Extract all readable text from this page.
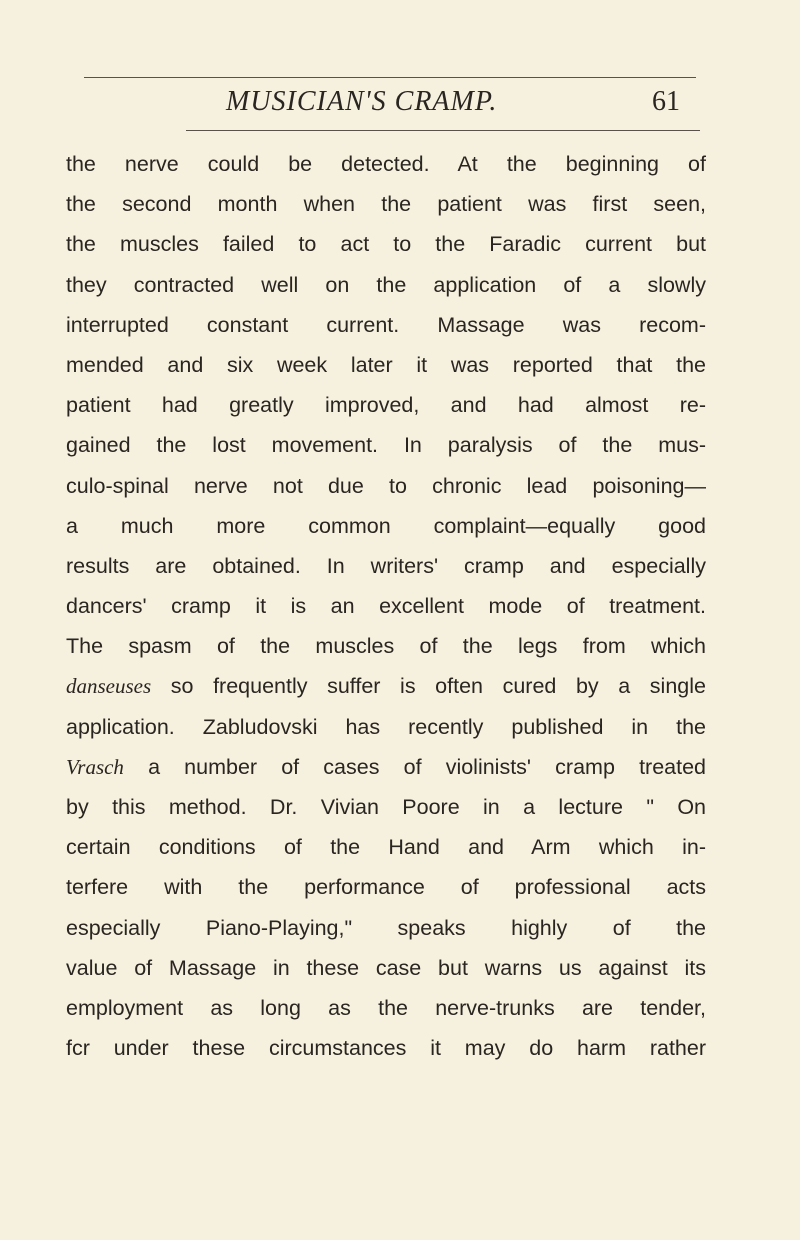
MUSICIAN'S CRAMP.	61
the nerve could be detected. At the beginning of
the second month when the patient was first seen,
the muscles failed to act to the Faradic current but
they contracted well on the application of a slowly
interrupted constant current. Massage was recom-
mended and six week later it was reported that the
patient had greatly improved, and had almost re-
gained the lost movement. In paralysis of the mus-
culo-spinal nerve not due to chronic lead poisoning—
a much more common complaint—equally good
results are obtained. In writers' cramp and especially
dancers' cramp it is an excellent mode of treatment.
The spasm of the muscles of the legs from which
danseuses so frequently suffer is often cured by a single
application. Zabludovski has recently published in the
Vrasch a number of cases of violinists' cramp treated
by this method. Dr. Vivian Poore in a lecture " On
certain conditions of the Hand and Arm which in-
terfere with the performance of professional acts
especially Piano-Playing," speaks highly of the
value of Massage in these case but warns us against its
employment as long as the nerve-trunks are tender,
fcr under these circumstances it may do harm rather
